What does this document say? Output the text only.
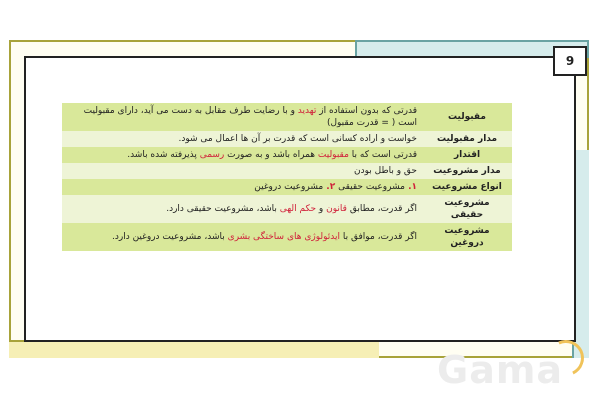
9
مقبولیت	قدرتی که بدون استفاده از تهدید و با رضایت طرف مقابل به دست می آید، دارای مقبولیت است ( = قدرت مقبول)
مدار مقبولیت	خواست و اراده کسانی است که قدرت بر آن ها اعمال می شود.
اقتدار	قدرتی است که با مقبولیت همراه باشد و به صورت رسمی پذیرفته شده باشد.
مدار مشروعیت	حق و باطل بودن
انواع مشروعیت	۱. مشروعیت حقیقی ۲. مشروعیت دروغین
مشروعیت حقیقی	اگر قدرت، مطابق قانون و حکم الهی باشد، مشروعیت حقیقی دارد.
مشروعیت دروغین	اگر قدرت، موافق با ایدئولوژی های ساختگی بشری باشد، مشروعیت دروغین دارد.
Gama
